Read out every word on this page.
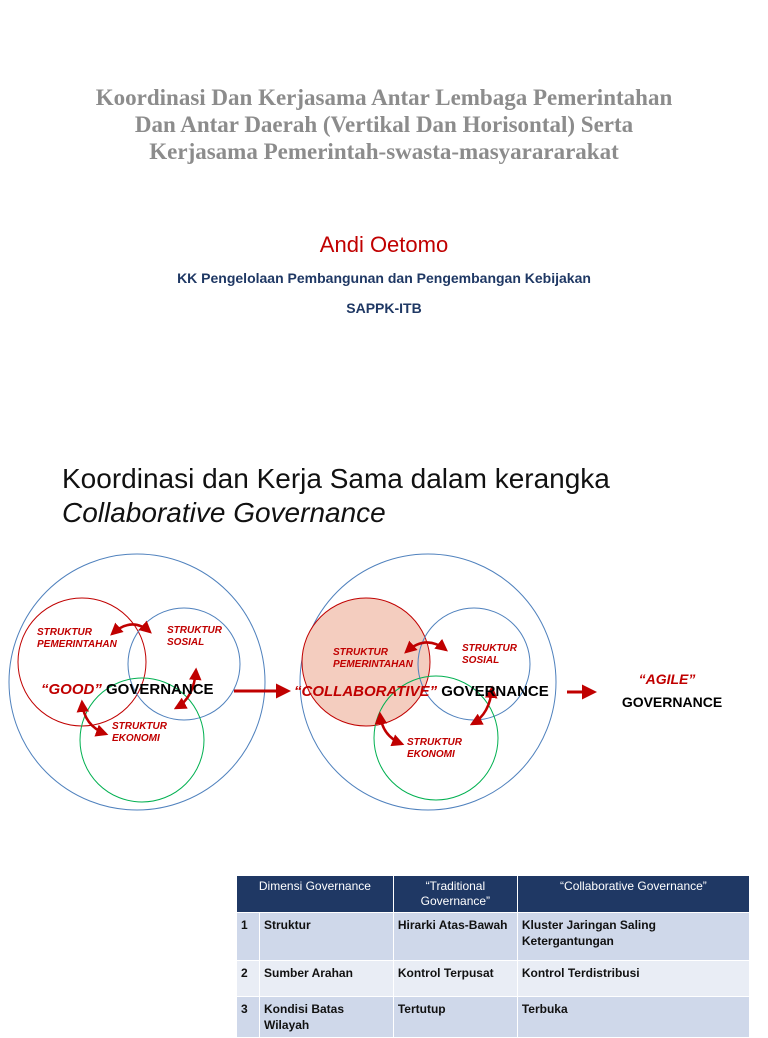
Koordinasi Dan Kerjasama Antar Lembaga Pemerintahan Dan Antar Daerah (Vertikal Dan Horisontal) Serta Kerjasama Pemerintah-swasta-masyarararakat
Andi Oetomo
KK Pengelolaan Pembangunan dan Pengembangan Kebijakan
SAPPK-ITB
Koordinasi dan Kerja Sama dalam kerangka
Collaborative Governance
STRUKTUR
PEMERINTAHAN
STRUKTUR
SOSIAL
STRUKTUR
EKONOMI
“GOOD” GOVERNANCE
STRUKTUR
PEMERINTAHAN
STRUKTUR
SOSIAL
STRUKTUR
EKONOMI
“COLLABORATIVE” GOVERNANCE
“AGILE”
GOVERNANCE
Dimensi Governance		“Traditional Governance”	“Collaborative Governance”
1	Struktur	Hirarki Atas-Bawah	Kluster Jaringan Saling Ketergantungan
2	Sumber Arahan	Kontrol Terpusat	Kontrol Terdistribusi
3	Kondisi Batas Wilayah	Tertutup	Terbuka
